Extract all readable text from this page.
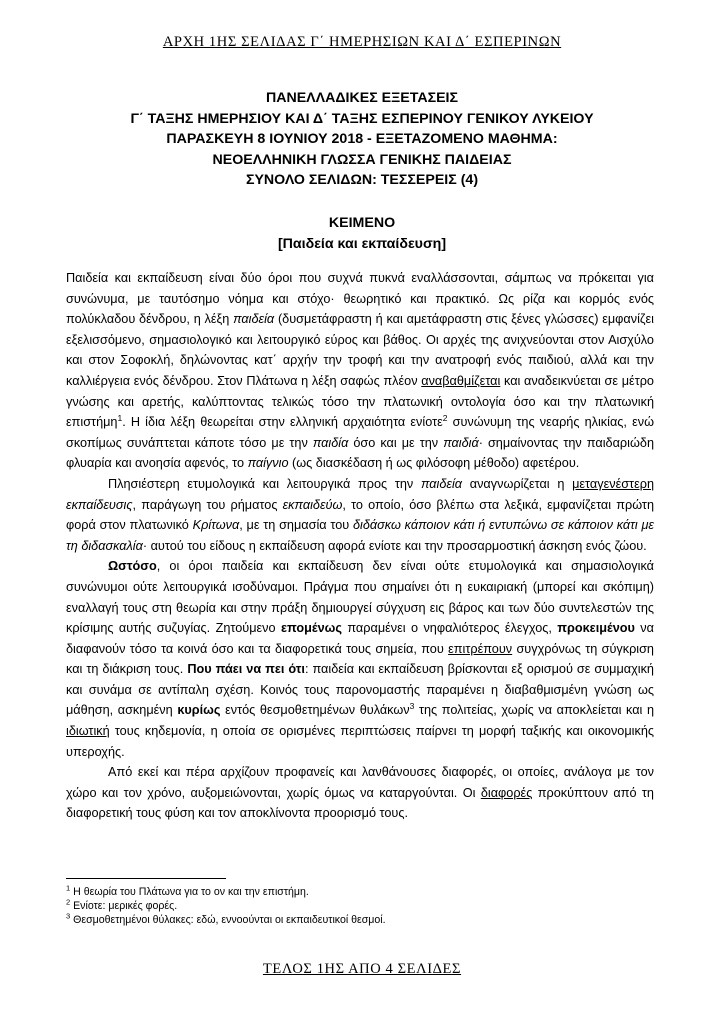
ΑΡΧΗ 1ΗΣ ΣΕΛΙΔΑΣ Γ΄ ΗΜΕΡΗΣΙΩΝ ΚΑΙ Δ΄ ΕΣΠΕΡΙΝΩΝ
ΠΑΝΕΛΛΑΔΙΚΕΣ ΕΞΕΤΑΣΕΙΣ
Γ΄ ΤΑΞΗΣ ΗΜΕΡΗΣΙΟΥ ΚΑΙ Δ΄ ΤΑΞΗΣ ΕΣΠΕΡΙΝΟΥ ΓΕΝΙΚΟΥ ΛΥΚΕΙΟΥ
ΠΑΡΑΣΚΕΥΗ 8 ΙΟΥΝΙΟΥ 2018 - ΕΞΕΤΑΖΟΜΕΝΟ ΜΑΘΗΜΑ:
ΝΕΟΕΛΛΗΝΙΚΗ ΓΛΩΣΣΑ ΓΕΝΙΚΗΣ ΠΑΙΔΕΙΑΣ
ΣΥΝΟΛΟ ΣΕΛΙΔΩΝ: ΤΕΣΣΕΡΕΙΣ (4)
ΚΕΙΜΕΝΟ
[Παιδεία και εκπαίδευση]

Παιδεία και εκπαίδευση είναι δύο όροι που συχνά πυκνά εναλλάσσονται, σάμπως να πρόκειται για συνώνυμα, με ταυτόσημο νόημα και στόχο· θεωρητικό και πρακτικό. Ως ρίζα και κορμός ενός πολύκλαδου δένδρου, η λέξη παιδεία (δυσμετάφραστη ή και αμετάφραστη στις ξένες γλώσσες) εμφανίζει εξελισσόμενο, σημασιολογικό και λειτουργικό εύρος και βάθος. Οι αρχές της ανιχνεύονται στον Αισχύλο και στον Σοφοκλή, δηλώνοντας κατ΄ αρχήν την τροφή και την ανατροφή ενός παιδιού, αλλά και την καλλιέργεια ενός δένδρου. Στον Πλάτωνα η λέξη σαφώς πλέον αναβαθμίζεται και αναδεικνύεται σε μέτρο γνώσης και αρετής, καλύπτοντας τελικώς τόσο την πλατωνική οντολογία όσο και την πλατωνική επιστήμη$^1$. Η ίδια λέξη θεωρείται στην ελληνική αρχαιότητα ενίοτε$^2$ συνώνυμη της νεαρής ηλικίας, ενώ σκοπίμως συνάπτεται κάποτε τόσο με την παιδία όσο και με την παιδιά· σημαίνοντας την παιδαριώδη φλυαρία και ανοησία αφενός, το παίγνιο (ως διασκέδαση ή ως φιλόσοφη μέθοδο) αφετέρου.

Πλησιέστερη ετυμολογικά και λειτουργικά προς την παιδεία αναγνωρίζεται η μεταγενέστερη εκπαίδευσις, παράγωγη του ρήματος εκπαιδεύω, το οποίο, όσο βλέπω στα λεξικά, εμφανίζεται πρώτη φορά στον πλατωνικό Κρίτωνα, με τη σημασία του διδάσκω κάποιον κάτι ή εντυπώνω σε κάποιον κάτι με τη διδασκαλία· αυτού του είδους η εκπαίδευση αφορά ενίοτε και την προσαρμοστική άσκηση ενός ζώου.

Ωστόσο, οι όροι παιδεία και εκπαίδευση δεν είναι ούτε ετυμολογικά και σημασιολογικά συνώνυμοι ούτε λειτουργικά ισοδύναμοι. Πράγμα που σημαίνει ότι η ευκαιριακή (μπορεί και σκόπιμη) εναλλαγή τους στη θεωρία και στην πράξη δημιουργεί σύγχυση εις βάρος και των δύο συντελεστών της κρίσιμης αυτής συζυγίας. Ζητούμενο επομένως παραμένει ο νηφαλιότερος έλεγχος, προκειμένου να διαφανούν τόσο τα κοινά όσο και τα διαφορετικά τους σημεία, που επιτρέπουν συγχρόνως τη σύγκριση και τη διάκριση τους. Που πάει να πει ότι: παιδεία και εκπαίδευση βρίσκονται εξ ορισμού σε συμμαχική και συνάμα σε αντίπαλη σχέση. Κοινός τους παρονομαστής παραμένει η διαβαθμισμένη γνώση ως μάθηση, ασκημένη κυρίως εντός θεσμοθετημένων θυλάκων$^3$ της πολιτείας, χωρίς να αποκλείεται και η ιδιωτική τους κηδεμονία, η οποία σε ορισμένες περιπτώσεις παίρνει τη μορφή ταξικής και οικονομικής υπεροχής.

Από εκεί και πέρα αρχίζουν προφανείς και λανθάνουσες διαφορές, οι οποίες, ανάλογα με τον χώρο και τον χρόνο, αυξομειώνονται, χωρίς όμως να καταργούνται. Οι διαφορές προκύπτουν από τη διαφορετική τους φύση και τον αποκλίνοντα προορισμό τους.

$^1$ Η θεωρία του Πλάτωνα για το ον και την επιστήμη.
$^2$ Ενίοτε: μερικές φορές.
$^3$ Θεσμοθετημένοι θύλακες: εδώ, εννοούνται οι εκπαιδευτικοί θεσμοί.
ΤΕΛΟΣ 1ΗΣ ΑΠΟ 4 ΣΕΛΙΔΕΣ
